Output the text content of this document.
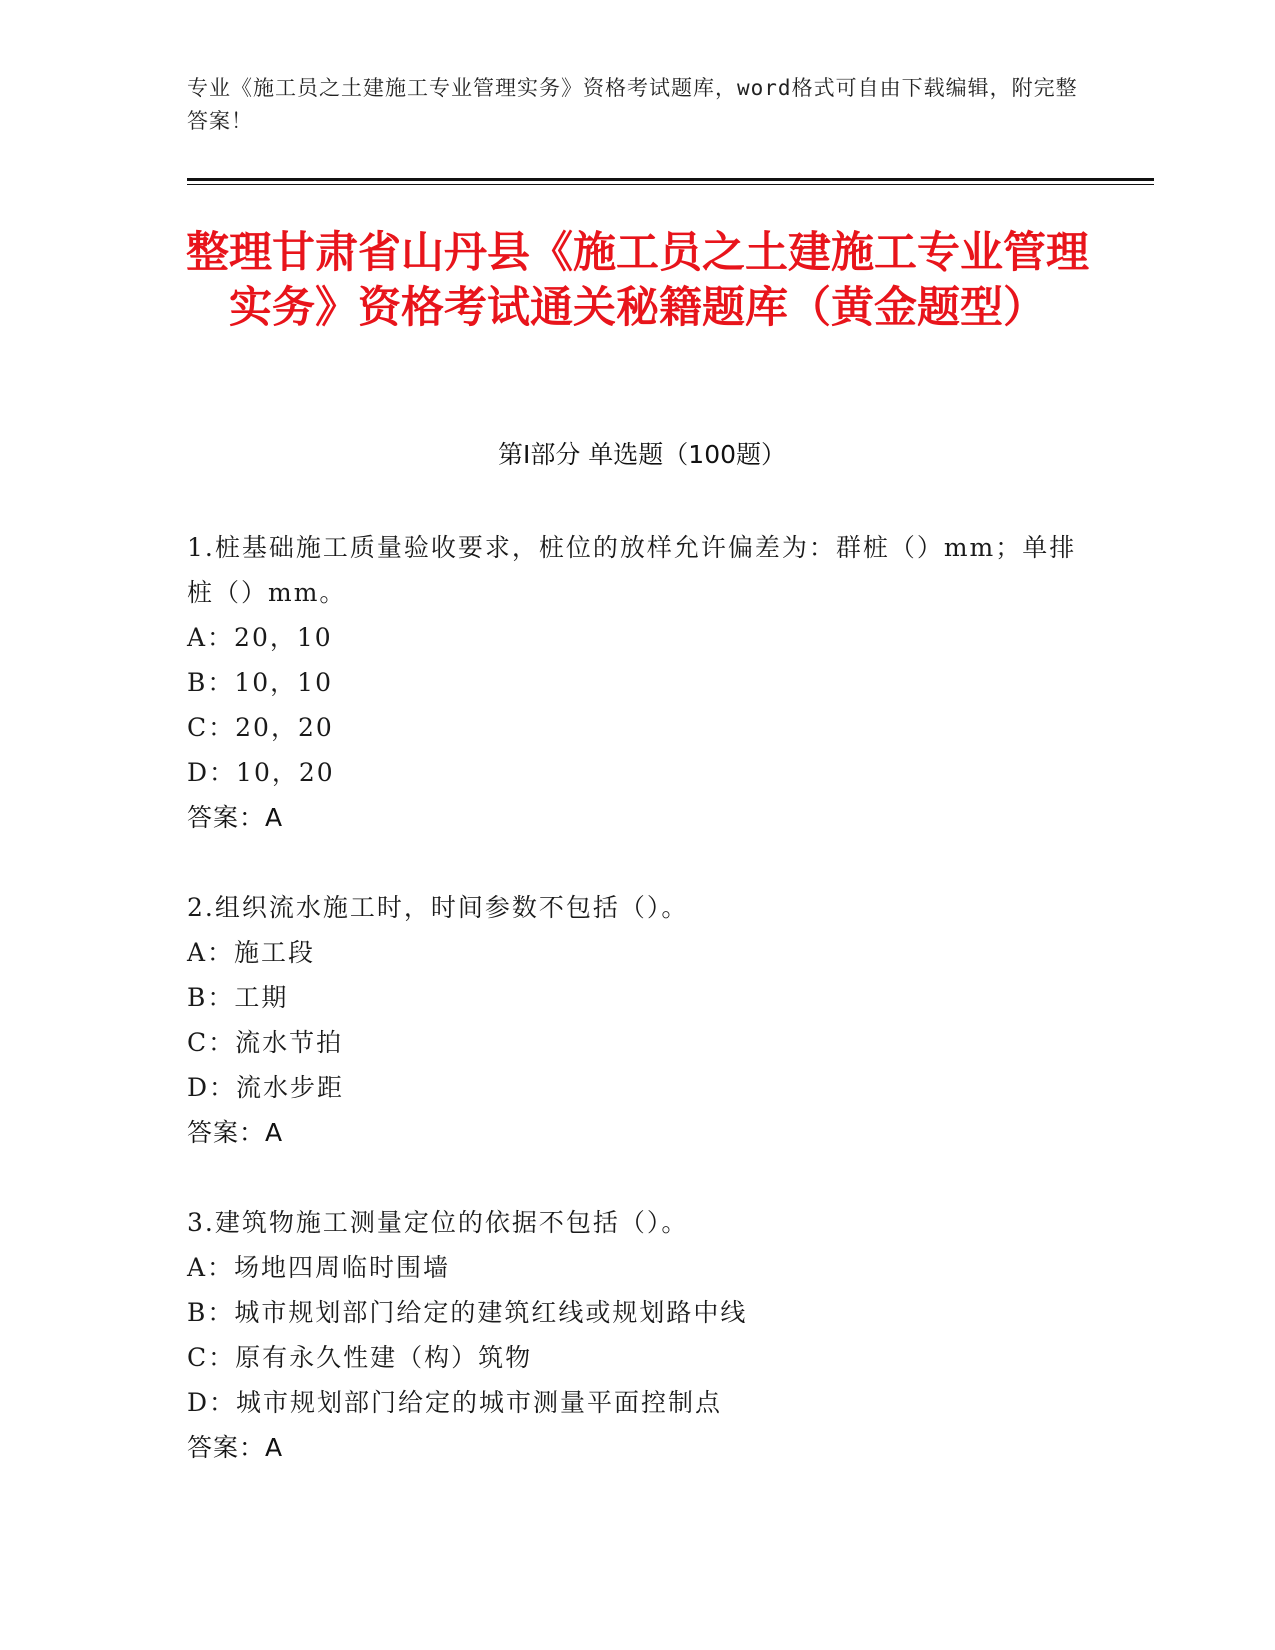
专业《施工员之土建施工专业管理实务》资格考试题库，word格式可自由下载编辑，附完整答案！
整理甘肃省山丹县《施工员之土建施工专业管理实务》资格考试通关秘籍题库（黄金题型）
第I部分 单选题（100题）

1.桩基础施工质量验收要求，桩位的放样允许偏差为：群桩（）mm；单排桩（）mm。

A：20，10
B：10，10
C：20，20
D：10，20
答案：A

2.组织流水施工时，时间参数不包括（）。

A：施工段
B：工期
C：流水节拍
D：流水步距
答案：A

3.建筑物施工测量定位的依据不包括（）。

A：场地四周临时围墙
B：城市规划部门给定的建筑红线或规划路中线
C：原有永久性建（构）筑物
D：城市规划部门给定的城市测量平面控制点
答案：A
